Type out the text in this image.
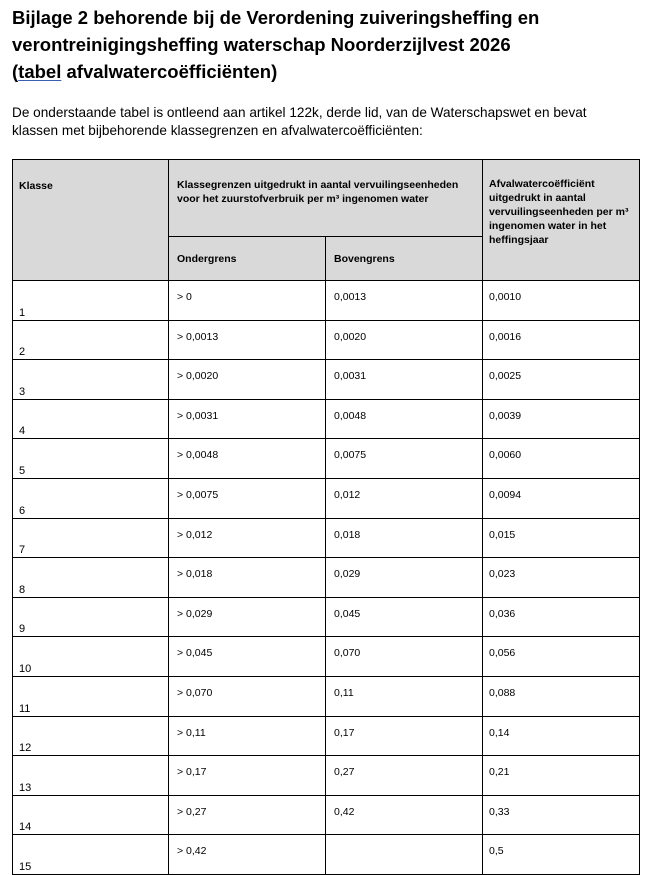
Bijlage 2 behorende bij de Verordening zuiveringsheffing en
verontreinigingsheffing waterschap Noorderzijlvest 2026
(tabel afvalwatercoëfficiënten)

De onderstaande tabel is ontleend aan artikel 122k, derde lid, van de Waterschapswet en bevat
klassen met bijbehorende klassegrenzen en afvalwatercoëfficiënten:

Klasse	Klassegrenzen uitgedrukt in aantal vervuilingseenheden voor het zuurstofverbruik per m³ ingenomen water		Afvalwatercoëfficiënt uitgedrukt in aantal vervuilingseenheden per m³ ingenomen water in het heffingsjaar
	Ondergrens	Bovengrens	
1	> 0	0,0013	0,0010
2	> 0,0013	0,0020	0,0016
3	> 0,0020	0,0031	0,0025
4	> 0,0031	0,0048	0,0039
5	> 0,0048	0,0075	0,0060
6	> 0,0075	0,012	0,0094
7	> 0,012	0,018	0,015
8	> 0,018	0,029	0,023
9	> 0,029	0,045	0,036
10	> 0,045	0,070	0,056
11	> 0,070	0,11	0,088
12	> 0,11	0,17	0,14
13	> 0,17	0,27	0,21
14	> 0,27	0,42	0,33
15	> 0,42		0,5
